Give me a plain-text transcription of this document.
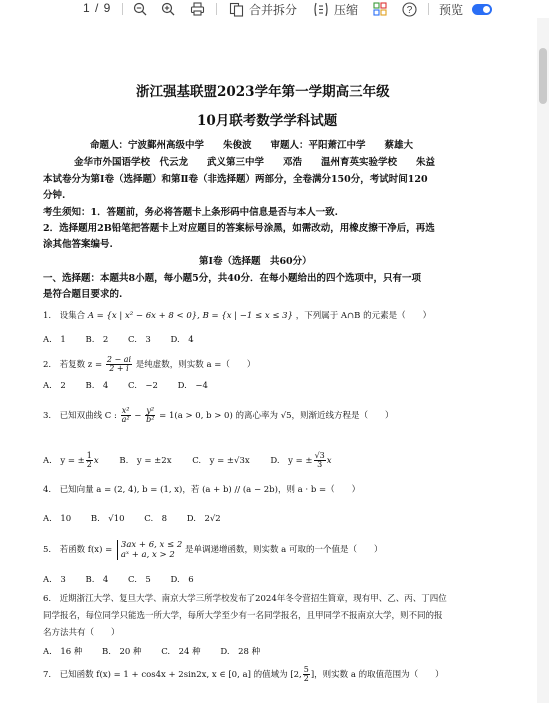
1 / 9	合并拆分	压缩	? 预览
浙江强基联盟2023学年第一学期高三年级
10月联考数学学科试题
命题人：宁波鄞州高级中学　　朱俊波　　审题人：平阳萧江中学　　蔡雄大
金华市外国语学校　代云龙　　武义第三中学　　邓浩　　温州育英实验学校　　朱益
本试卷分为第Ⅰ卷（选择题）和第Ⅱ卷（非选择题）两部分，全卷满分150分，考试时间120
分钟.
考生须知：1．答题前，务必将答题卡上条形码中信息是否与本人一致.
2．选择题用2B铅笔把答题卡上对应题目的答案标号涂黑，如需改动，用橡皮擦干净后，再选
涂其他答案编号.
第Ⅰ卷（选择题　共60分）
一、选择题：本题共8小题，每小题5分，共40分．在每小题给出的四个选项中，只有一项
是符合题目要求的.
1.　设集合 A = {x | x² − 6x + 8 < 0}, B = {x | −1 ≤ x ≤ 3} ，下列属于 A∩B 的元素是（　　）
A.　1　　 B.　2　　 C.　3　　 D.　4
2.　若复数 $z = \frac{2 - ai}{2 + i}$ 是纯虚数，则实数 a =（　　）
A.　2　　 B.　4　　 C.　−2　　 D.　−4
3.　已知双曲线 C : $\frac{\text{x²}}{\text{a²}} - \frac{\text{y²}}{\text{b²}} = 1(a > 0$, b > 0) 的离心率为 √5，则渐近线方程是（　　）
A.　y = ± $\frac{1}{2}$ x B.　y = ±2x C.　y = ±√3x D.　y = ± $\frac{√3}{3}$ x
4.　已知向量 a = (2, 4), b = (1, x)，若 (a + b) // (a − 2b)，则 a · b =（　　）
A.　10　　 B.　√10　　 C.　8　　 D.　2√2
5.　若函数 f(x) =
3ax + 6, x ≤ 2
aˣ + a, x > 2	是单调递增函数，则实数 a 可取的一个值是（　　）
A.　3　　 B.　4　　 C.　5　　 D.　6
6.　近期浙江大学、复旦大学、南京大学三所学校发布了2024年冬令营招生简章，现有甲、乙、丙、丁四位
同学报名，每位同学只能选一所大学，每所大学至少有一名同学报名，且甲同学不报南京大学，则不同的报
名方法共有（　　）
A.　16 种　　 B.　20 种　　 C.　24 种　　 D.　28 种
7.　已知函数 f(x) = 1 + cos4x + 2sin2x, x ∈ [0, a] 的值域为 [2, $\frac{5}{2}$ ]，则实数 a 的取值范围为（　　）
